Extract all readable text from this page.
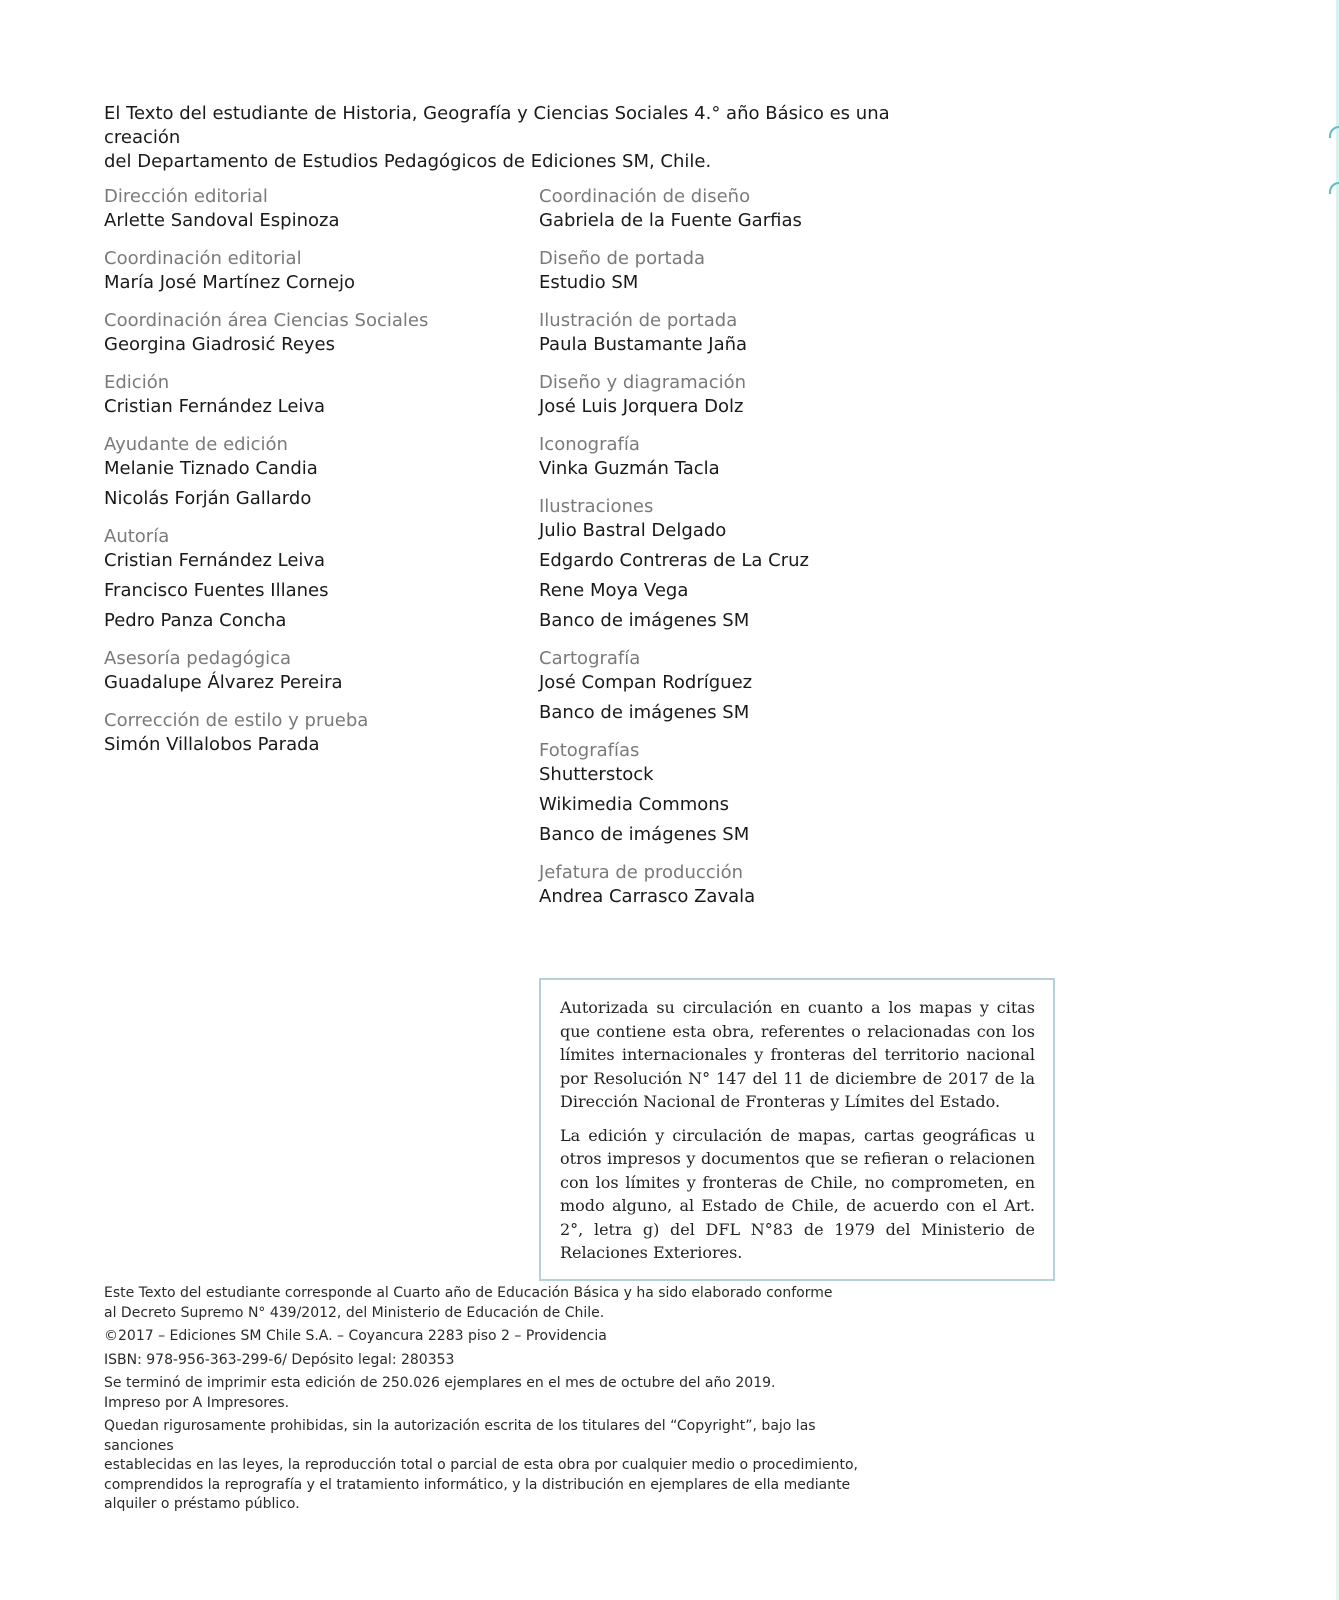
El Texto del estudiante de Historia, Geografía y Ciencias Sociales 4.° año Básico es una creación
del Departamento de Estudios Pedagógicos de Ediciones SM, Chile.
Dirección editorial
Arlette Sandoval Espinoza
Coordinación editorial
María José Martínez Cornejo
Coordinación área Ciencias Sociales
Georgina Giadrosić Reyes
Edición
Cristian Fernández Leiva
Ayudante de edición
Melanie Tiznado Candia
Nicolás Forján Gallardo
Autoría
Cristian Fernández Leiva
Francisco Fuentes Illanes
Pedro Panza Concha
Asesoría pedagógica
Guadalupe Álvarez Pereira
Corrección de estilo y prueba
Simón Villalobos Parada
Coordinación de diseño
Gabriela de la Fuente Garfias
Diseño de portada
Estudio SM
Ilustración de portada
Paula Bustamante Jaña
Diseño y diagramación
José Luis Jorquera Dolz
Iconografía
Vinka Guzmán Tacla
Ilustraciones
Julio Bastral Delgado
Edgardo Contreras de La Cruz
Rene Moya Vega
Banco de imágenes SM
Cartografía
José Compan Rodríguez
Banco de imágenes SM
Fotografías
Shutterstock
Wikimedia Commons
Banco de imágenes SM
Jefatura de producción
Andrea Carrasco Zavala

Autorizada su circulación en cuanto a los mapas y citas que contiene esta obra, referentes o relacionadas con los límites internacionales y fronteras del territorio nacional por Resolución N° 147 del 11 de diciembre de 2017 de la Dirección Nacional de Fronteras y Límites del Estado.

La edición y circulación de mapas, cartas geográficas u otros impresos y documentos que se refieran o relacionen con los límites y fronteras de Chile, no comprometen, en modo alguno, al Estado de Chile, de acuerdo con el Art. 2°, letra g) del DFL N°83 de 1979 del Ministerio de Relaciones Exteriores.

Este Texto del estudiante corresponde al Cuarto año de Educación Básica y ha sido elaborado conforme
al Decreto Supremo N° 439/2012, del Ministerio de Educación de Chile.

©2017 – Ediciones SM Chile S.A. – Coyancura 2283 piso 2 – Providencia

ISBN: 978-956-363-299-6/ Depósito legal: 280353

Se terminó de imprimir esta edición de 250.026 ejemplares en el mes de octubre del año 2019.
Impreso por A Impresores.

Quedan rigurosamente prohibidas, sin la autorización escrita de los titulares del “Copyright”, bajo las sanciones
establecidas en las leyes, la reproducción total o parcial de esta obra por cualquier medio o procedimiento,
comprendidos la reprografía y el tratamiento informático, y la distribución en ejemplares de ella mediante
alquiler o préstamo público.
